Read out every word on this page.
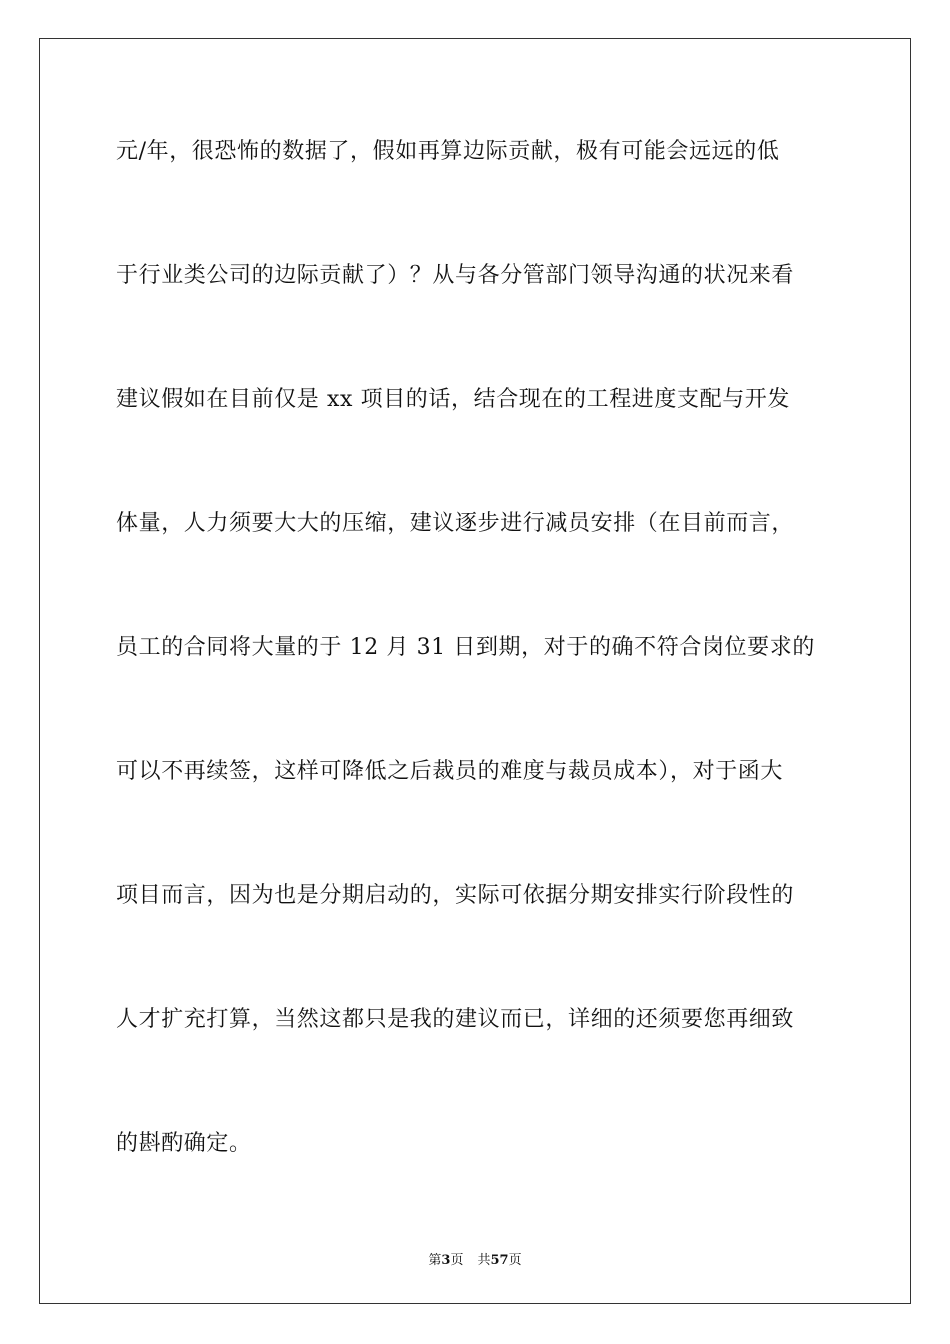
元/年，很恐怖的数据了，假如再算边际贡献，极有可能会远远的低
于行业类公司的边际贡献了）？从与各分管部门领导沟通的状况来看
建议假如在目前仅是 xx 项目的话，结合现在的工程进度支配与开发
体量，人力须要大大的压缩，建议逐步进行减员安排（在目前而言，
员工的合同将大量的于 12 月 31 日到期，对于的确不符合岗位要求的
可以不再续签，这样可降低之后裁员的难度与裁员成本），对于函大
项目而言，因为也是分期启动的，实际可依据分期安排实行阶段性的
人才扩充打算，当然这都只是我的建议而已，详细的还须要您再细致
的斟酌确定。
第3页 共57页
